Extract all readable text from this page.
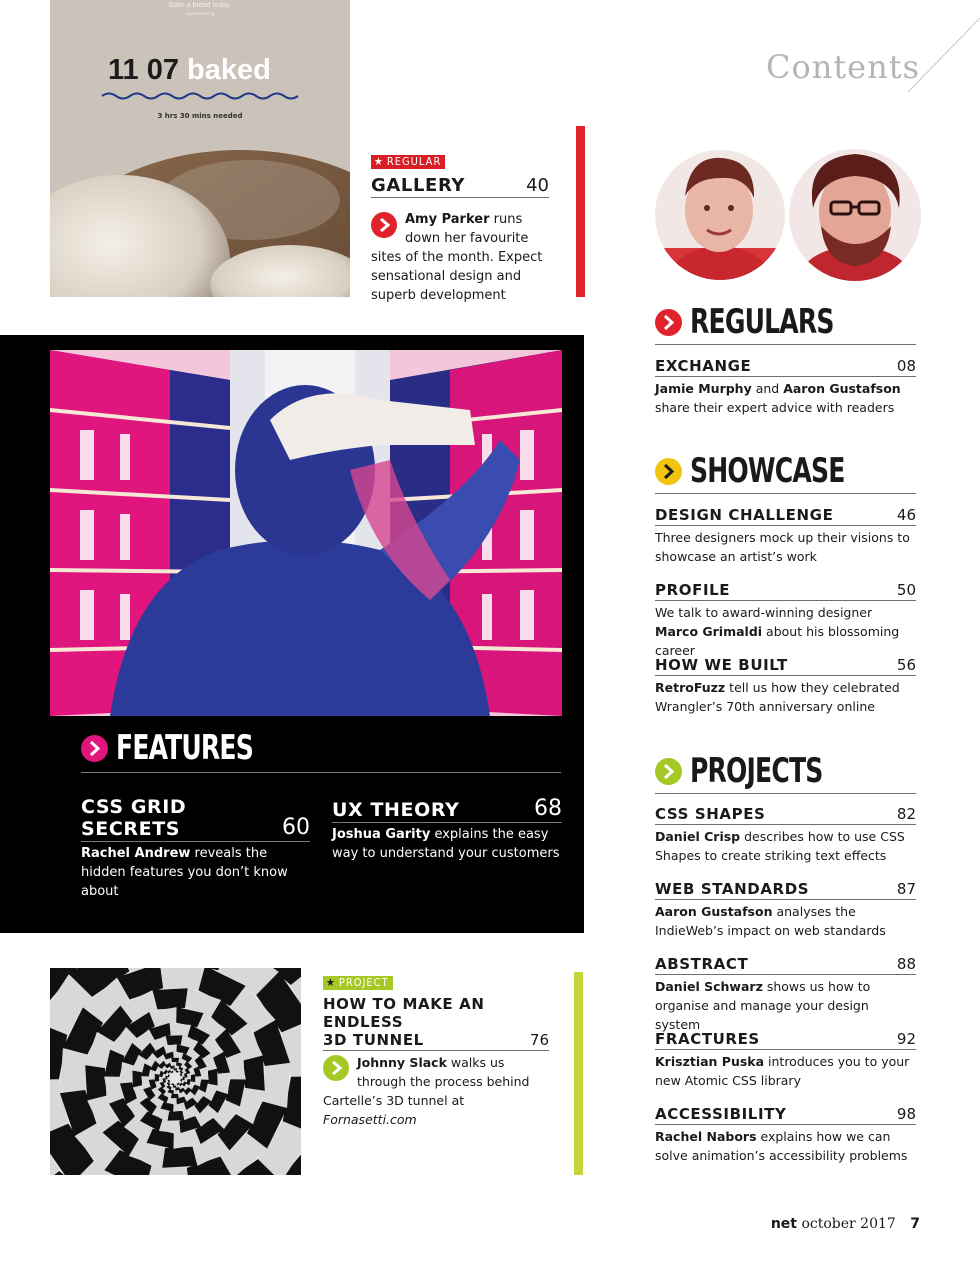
Contents
Bake a bread today.
sevenmorning
11 07 baked
3 hrs 30 mins needed
★ REGULAR
GALLERY	40
Amy Parker runs down her favourite sites of the month. Expect sensational design and superb development
REGULARS
EXCHANGE	08
Jamie Murphy and Aaron Gustafson share their expert advice with readers
SHOWCASE
DESIGN CHALLENGE	46
Three designers mock up their visions to showcase an artist’s work
PROFILE	50
We talk to award-winning designer Marco Grimaldi about his blossoming career
HOW WE BUILT	56
RetroFuzz tell us how they celebrated Wrangler’s 70th anniversary online
PROJECTS
CSS SHAPES	82
Daniel Crisp describes how to use CSS Shapes to create striking text effects
WEB STANDARDS	87
Aaron Gustafson analyses the IndieWeb’s impact on web standards
ABSTRACT	88
Daniel Schwarz shows us how to organise and manage your design system
FRACTURES	92
Krisztian Puska introduces you to your new Atomic CSS library
ACCESSIBILITY	98
Rachel Nabors explains how we can solve animation’s accessibility problems
FEATURES
CSS GRID SECRETS	60
Rachel Andrew reveals the hidden features you don’t know about
UX THEORY	68
Joshua Garity explains the easy way to understand your customers
★ PROJECT
HOW TO MAKE AN ENDLESS
3D TUNNEL	76
Johnny Slack walks us through the process behind Cartelle’s 3D tunnel at Fornasetti.com
net october 2017 7
